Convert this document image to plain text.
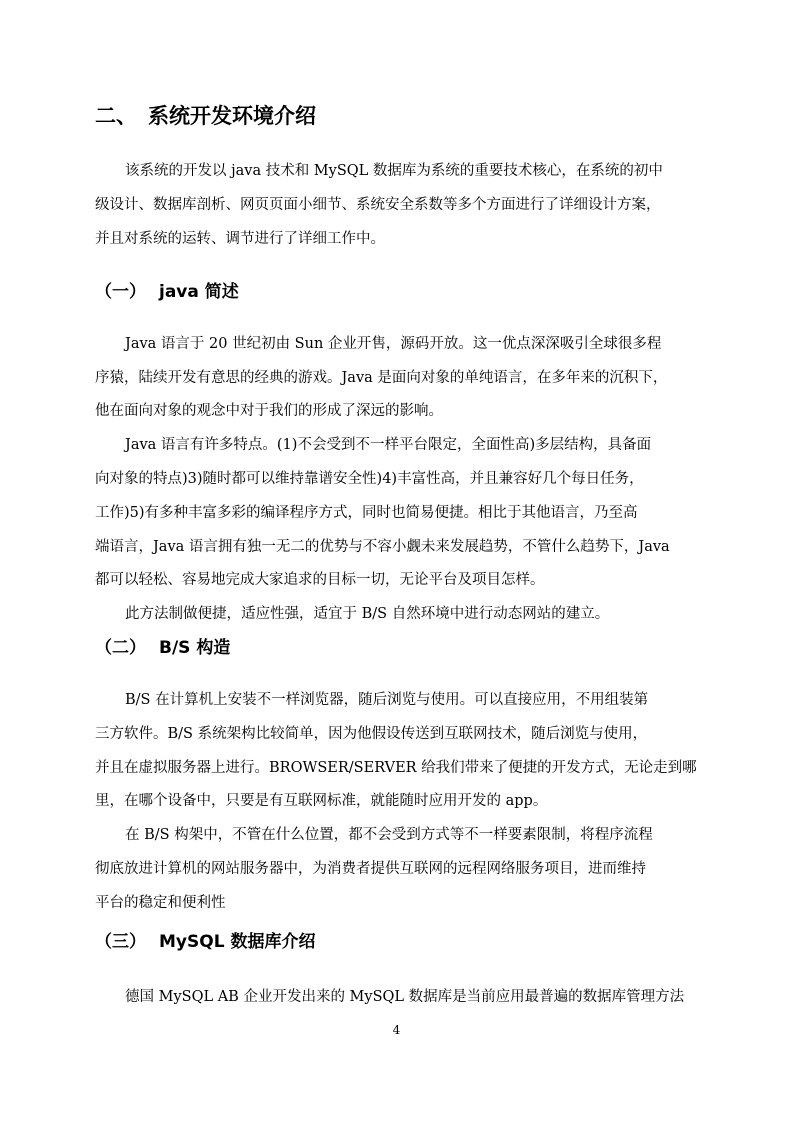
二、 系统开发环境介绍

该系统的开发以 java 技术和 MySQL 数据库为系统的重要技术核心，在系统的初中

级设计、数据库剖析、网页页面小细节、系统安全系数等多个方面进行了详细设计方案，

并且对系统的运转、调节进行了详细工作中。

（一） java 简述

Java 语言于 20 世纪初由 Sun 企业开售，源码开放。这一优点深深吸引全球很多程

序猿，陆续开发有意思的经典的游戏。Java 是面向对象的单纯语言，在多年来的沉积下，

他在面向对象的观念中对于我们的形成了深远的影响。

Java 语言有许多特点。(1)不会受到不一样平台限定，全面性高)多层结构，具备面

向对象的特点)3)随时都可以维持靠谱安全性)4)丰富性高，并且兼容好几个每日任务，

工作)5)有多种丰富多彩的编译程序方式，同时也简易便捷。相比于其他语言，乃至高

端语言，Java 语言拥有独一无二的优势与不容小觑未来发展趋势，不管什么趋势下，Java

都可以轻松、容易地完成大家追求的目标一切，无论平台及项目怎样。

此方法制做便捷，适应性强，适宜于 B/S 自然环境中进行动态网站的建立。

（二） B/S 构造

B/S 在计算机上安装不一样浏览器，随后浏览与使用。可以直接应用，不用组装第

三方软件。B/S 系统架构比较简单，因为他假设传送到互联网技术，随后浏览与使用，

并且在虚拟服务器上进行。BROWSER/SERVER 给我们带来了便捷的开发方式，无论走到哪

里，在哪个设备中，只要是有互联网标准，就能随时应用开发的 app。

在 B/S 构架中，不管在什么位置，都不会受到方式等不一样要素限制，将程序流程

彻底放进计算机的网站服务器中，为消费者提供互联网的远程网络服务项目，进而维持

平台的稳定和便利性

（三） MySQL 数据库介绍

德国 MySQL AB 企业开发出来的 MySQL 数据库是当前应用最普遍的数据库管理方法

4
